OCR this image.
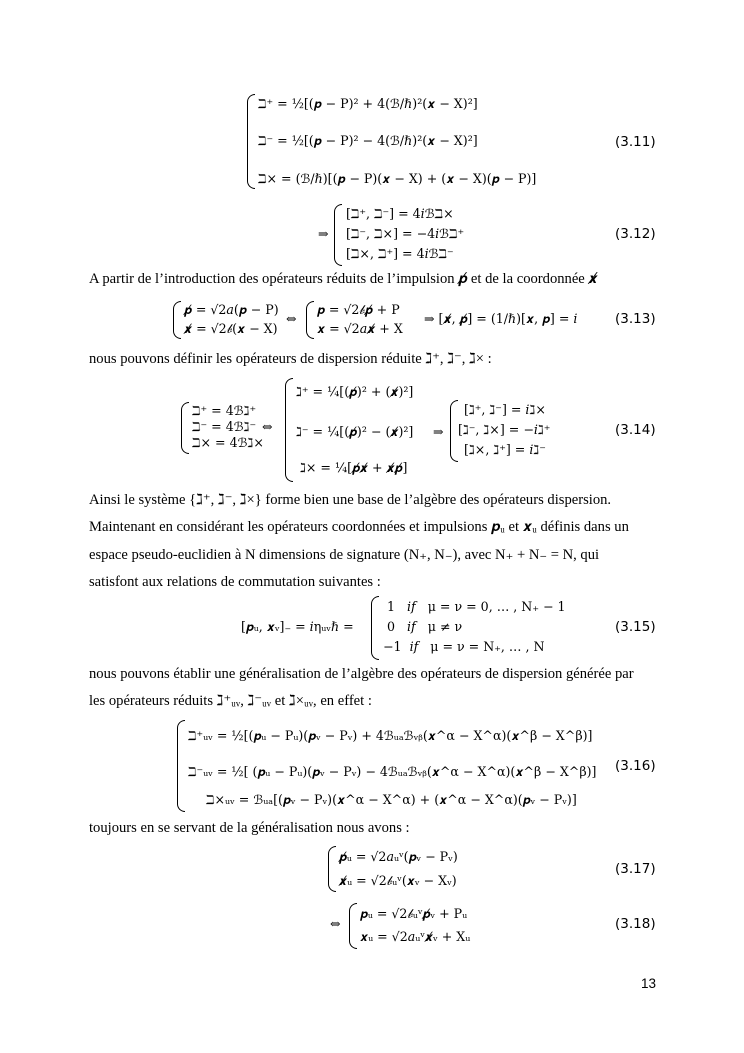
ℶ⁺ = ½[(𝒑 − P)² + 4(ℬ/ℏ)²(𝒙 − X)²]
ℶ⁻ = ½[(𝒑 − P)² − 4(ℬ/ℏ)²(𝒙 − X)²]
ℶ× = (ℬ/ℏ)[(𝒑 − P)(𝒙 − X) + (𝒙 − X)(𝒑 − P)]
(3.11)
⇒
[ℶ⁺, ℶ⁻] = 4𝑖ℬℶ×
[ℶ⁻, ℶ×] = −4𝑖ℬℶ⁺
[ℶ×, ℶ⁺] = 4𝑖ℬℶ⁻
(3.12)
A partir de l’introduction des opérateurs réduits de l’impulsion 𝒑̸ et de la coordonnée 𝒙̸
𝒑̸ = √2𝑎(𝒑 − P)
𝒙̸ = √2𝒷(𝒙 − X)
⇔
𝒑 = √2𝒷𝒑̸ + P
𝒙 = √2𝑎𝒙̸ + X
⇒ [𝒙̸, 𝒑̸] = (1/ℏ)[𝒙, 𝒑] = 𝑖	(3.13)
nous pouvons définir les opérateurs de dispersion réduite ℷ⁺, ℷ⁻, ℷ× :
ℶ⁺ = 4ℬℷ⁺
ℶ⁻ = 4ℬℷ⁻
ℶ× = 4ℬℷ×
⇔
ℷ⁺ = ¼[(𝒑̸)² + (𝒙̸)²]
ℷ⁻ = ¼[(𝒑̸)² − (𝒙̸)²]
ℷ× = ¼[𝒑̸𝒙̸ + 𝒙̸𝒑̸]
⇒
[ℷ⁺, ℷ⁻] = 𝑖ℷ×
[ℷ⁻, ℷ×] = −𝑖ℷ⁺
[ℷ×, ℷ⁺] = 𝑖ℷ⁻
(3.14)
Ainsi le système {ℷ⁺, ℷ⁻, ℷ×} forme bien une base de l’algèbre des opérateurs dispersion.
Maintenant en considérant les opérateurs coordonnées et impulsions 𝒑ᵤ et 𝒙ᵤ définis dans un
espace pseudo-euclidien à N dimensions de signature (N₊, N₋), avec N₊ + N₋ = N, qui
satisfont aux relations de commutation suivantes :
[𝒑ᵤ, 𝒙ᵥ]₋ = 𝑖ηᵤᵥℏ =
1   𝑖𝑓   μ = ν = 0, … , N₊ − 1
0   𝑖𝑓   μ ≠ ν
−1  𝑖𝑓   μ = ν = N₊, … , N
(3.15)
nous pouvons établir une généralisation de l’algèbre des opérateurs de dispersion générée par
les opérateurs réduits ℷ⁺ᵤᵥ, ℷ⁻ᵤᵥ et ℷ×ᵤᵥ, en effet :
ℶ⁺ᵤᵥ = ½[(𝒑ᵤ − Pᵤ)(𝒑ᵥ − Pᵥ) + 4ℬᵤₐℬᵥᵦ(𝒙^α − X^α)(𝒙^β − X^β)]
ℶ⁻ᵤᵥ = ½[ (𝒑ᵤ − Pᵤ)(𝒑ᵥ − Pᵥ) − 4ℬᵤₐℬᵥᵦ(𝒙^α − X^α)(𝒙^β − X^β)]
ℶ×ᵤᵥ = ℬᵤₐ[(𝒑ᵥ − Pᵥ)(𝒙^α − X^α) + (𝒙^α − X^α)(𝒑ᵥ − Pᵥ)]
(3.16)
toujours en se servant de la généralisation nous avons :
𝒑̸ᵤ = √2𝑎ᵤᵛ(𝒑ᵥ − Pᵥ)
𝒙̸ᵤ = √2𝒷ᵤᵛ(𝒙ᵥ − Xᵥ)
(3.17)
⇔
𝒑ᵤ = √2𝒷ᵤᵛ𝒑̸ᵥ + Pᵤ
𝒙ᵤ = √2𝑎ᵤᵛ𝒙̸ᵥ + Xᵤ
(3.18)
13
